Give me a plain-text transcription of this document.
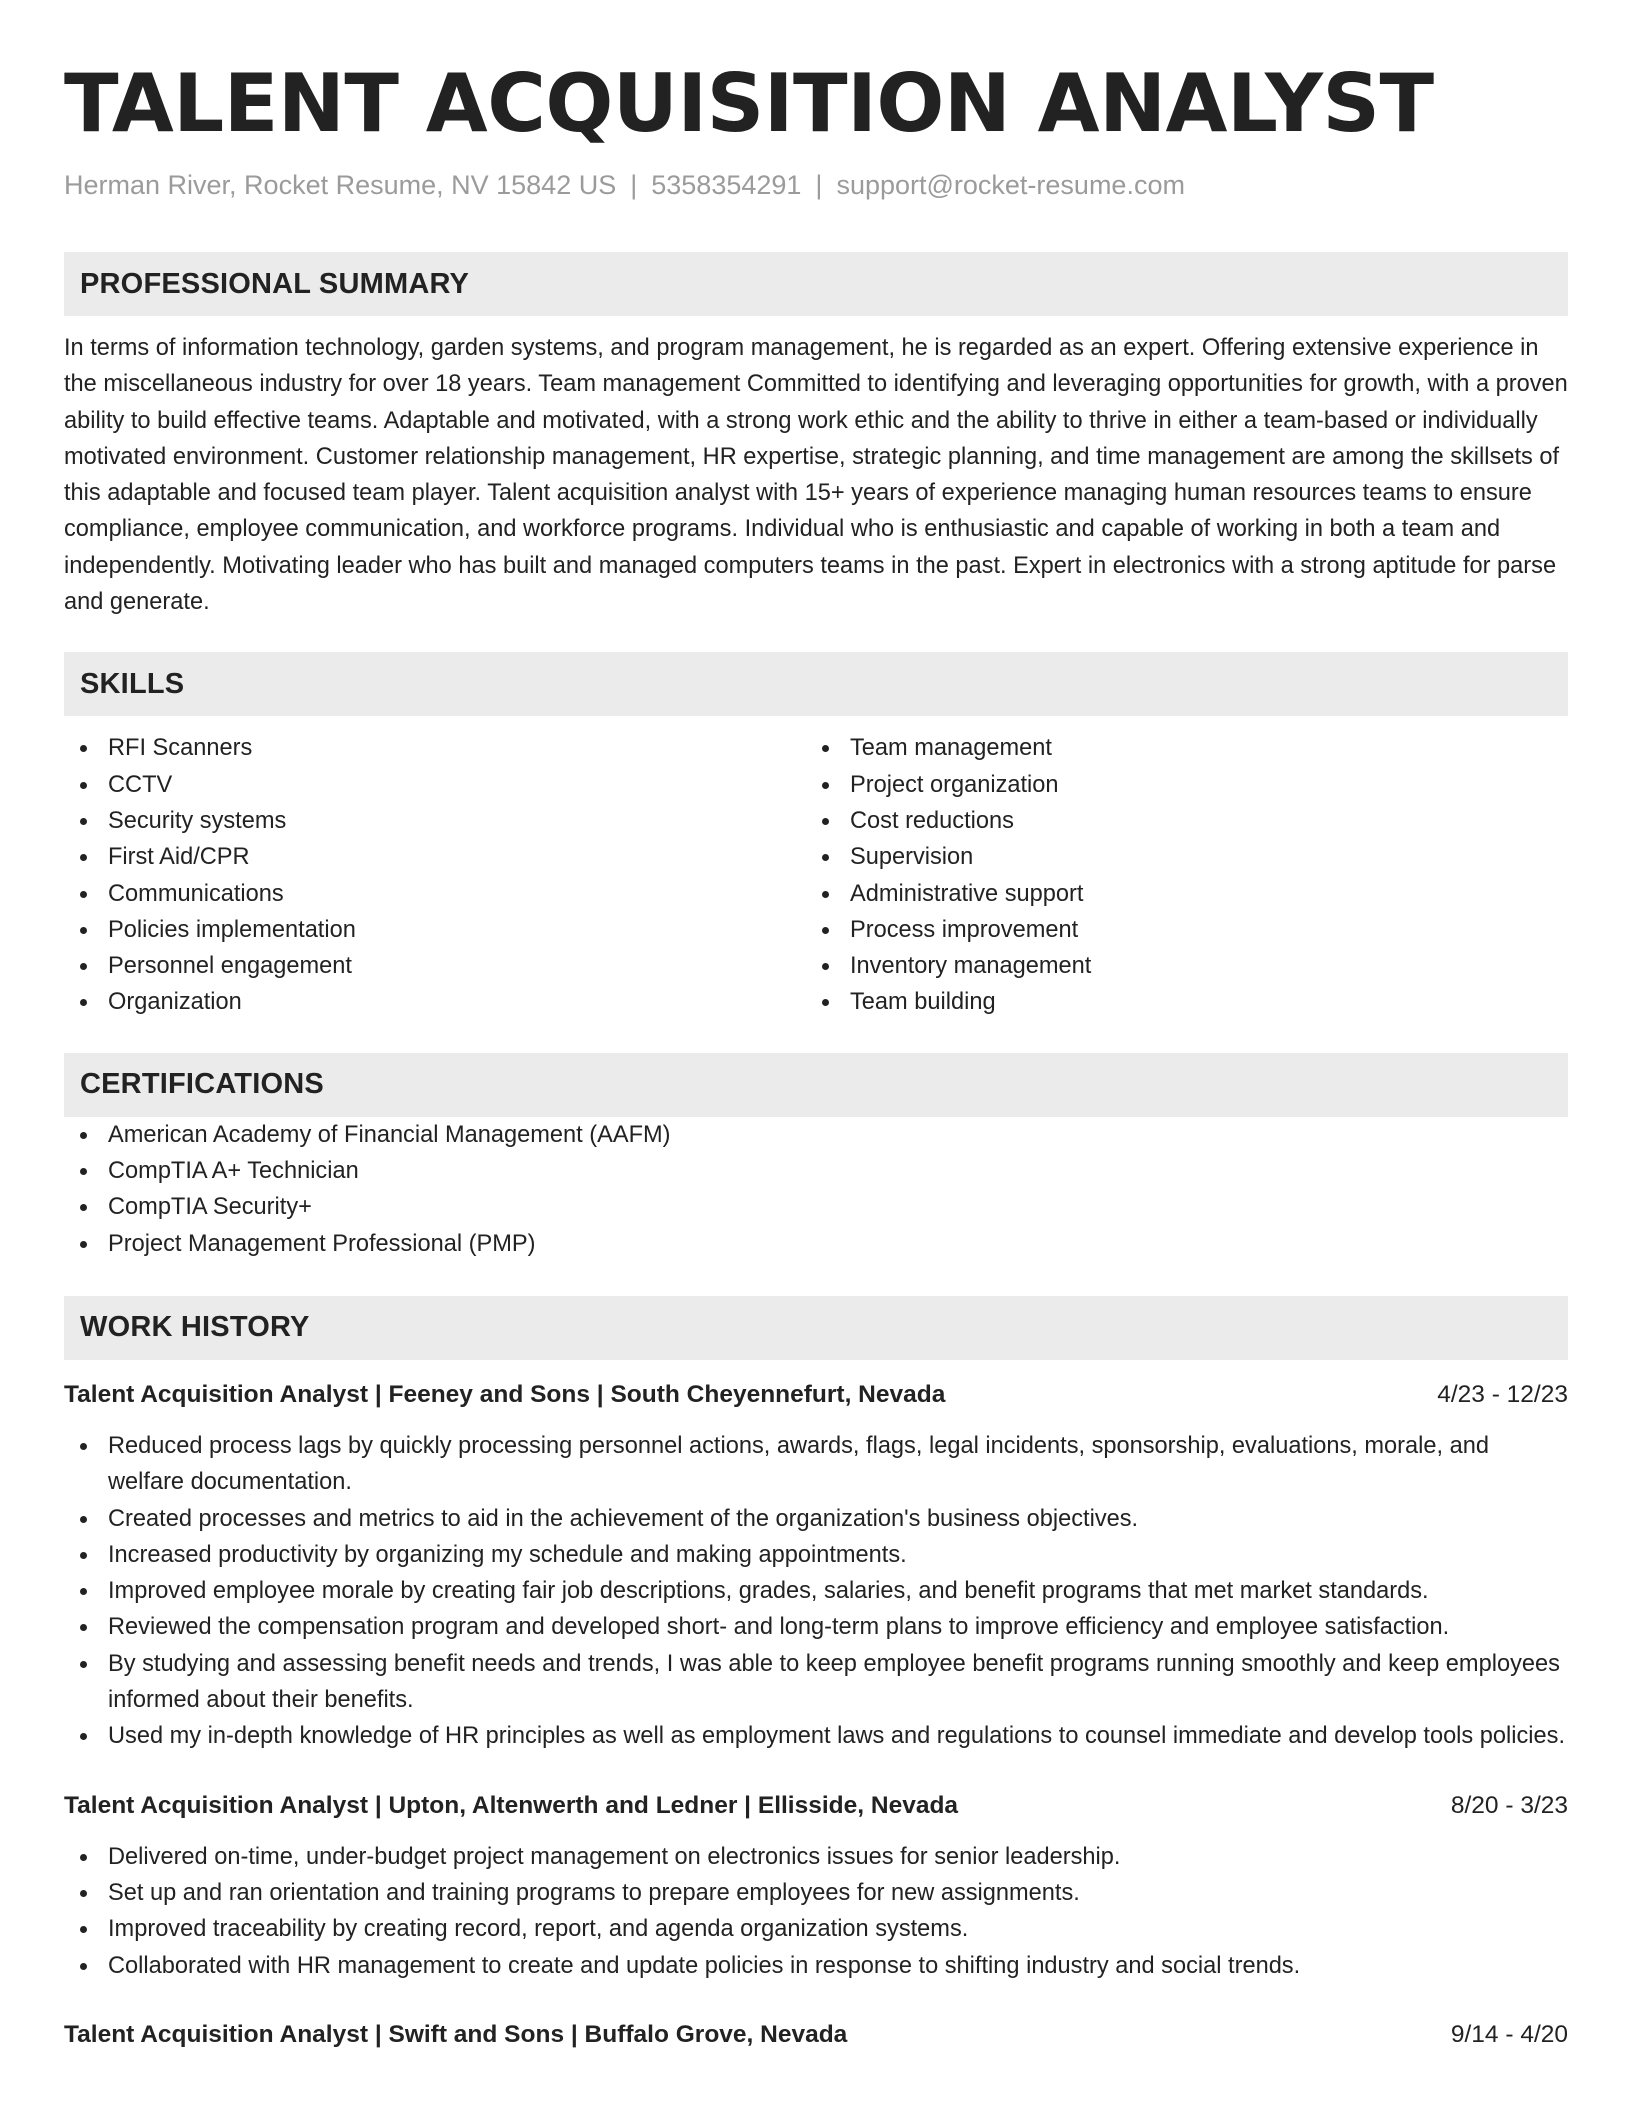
TALENT ACQUISITION ANALYST
Herman River, Rocket Resume, NV 15842 US | 5358354291 | support@rocket-resume.com
PROFESSIONAL SUMMARY

In terms of information technology, garden systems, and program management, he is regarded as an expert. Offering extensive experience in the miscellaneous industry for over 18 years. Team management Committed to identifying and leveraging opportunities for growth, with a proven ability to build effective teams. Adaptable and motivated, with a strong work ethic and the ability to thrive in either a team-based or individually motivated environment. Customer relationship management, HR expertise, strategic planning, and time management are among the skillsets of this adaptable and focused team player. Talent acquisition analyst with 15+ years of experience managing human resources teams to ensure compliance, employee communication, and workforce programs. Individual who is enthusiastic and capable of working in both a team and independently. Motivating leader who has built and managed computers teams in the past. Expert in electronics with a strong aptitude for parse and generate.

SKILLS
RFI Scanners
CCTV
Security systems
First Aid/CPR
Communications
Policies implementation
Personnel engagement
Organization
Team management
Project organization
Cost reductions
Supervision
Administrative support
Process improvement
Inventory management
Team building
CERTIFICATIONS
American Academy of Financial Management (AAFM)
CompTIA A+ Technician
CompTIA Security+
Project Management Professional (PMP)
WORK HISTORY
Talent Acquisition Analyst | Feeney and Sons | South Cheyennefurt, Nevada	4/23 - 12/23
Reduced process lags by quickly processing personnel actions, awards, flags, legal incidents, sponsorship, evaluations, morale, and welfare documentation.
Created processes and metrics to aid in the achievement of the organization's business objectives.
Increased productivity by organizing my schedule and making appointments.
Improved employee morale by creating fair job descriptions, grades, salaries, and benefit programs that met market standards.
Reviewed the compensation program and developed short- and long-term plans to improve efficiency and employee satisfaction.
By studying and assessing benefit needs and trends, I was able to keep employee benefit programs running smoothly and keep employees informed about their benefits.
Used my in-depth knowledge of HR principles as well as employment laws and regulations to counsel immediate and develop tools policies.
Talent Acquisition Analyst | Upton, Altenwerth and Ledner | Ellisside, Nevada	8/20 - 3/23
Delivered on-time, under-budget project management on electronics issues for senior leadership.
Set up and ran orientation and training programs to prepare employees for new assignments.
Improved traceability by creating record, report, and agenda organization systems.
Collaborated with HR management to create and update policies in response to shifting industry and social trends.
Talent Acquisition Analyst | Swift and Sons | Buffalo Grove, Nevada	9/14 - 4/20
